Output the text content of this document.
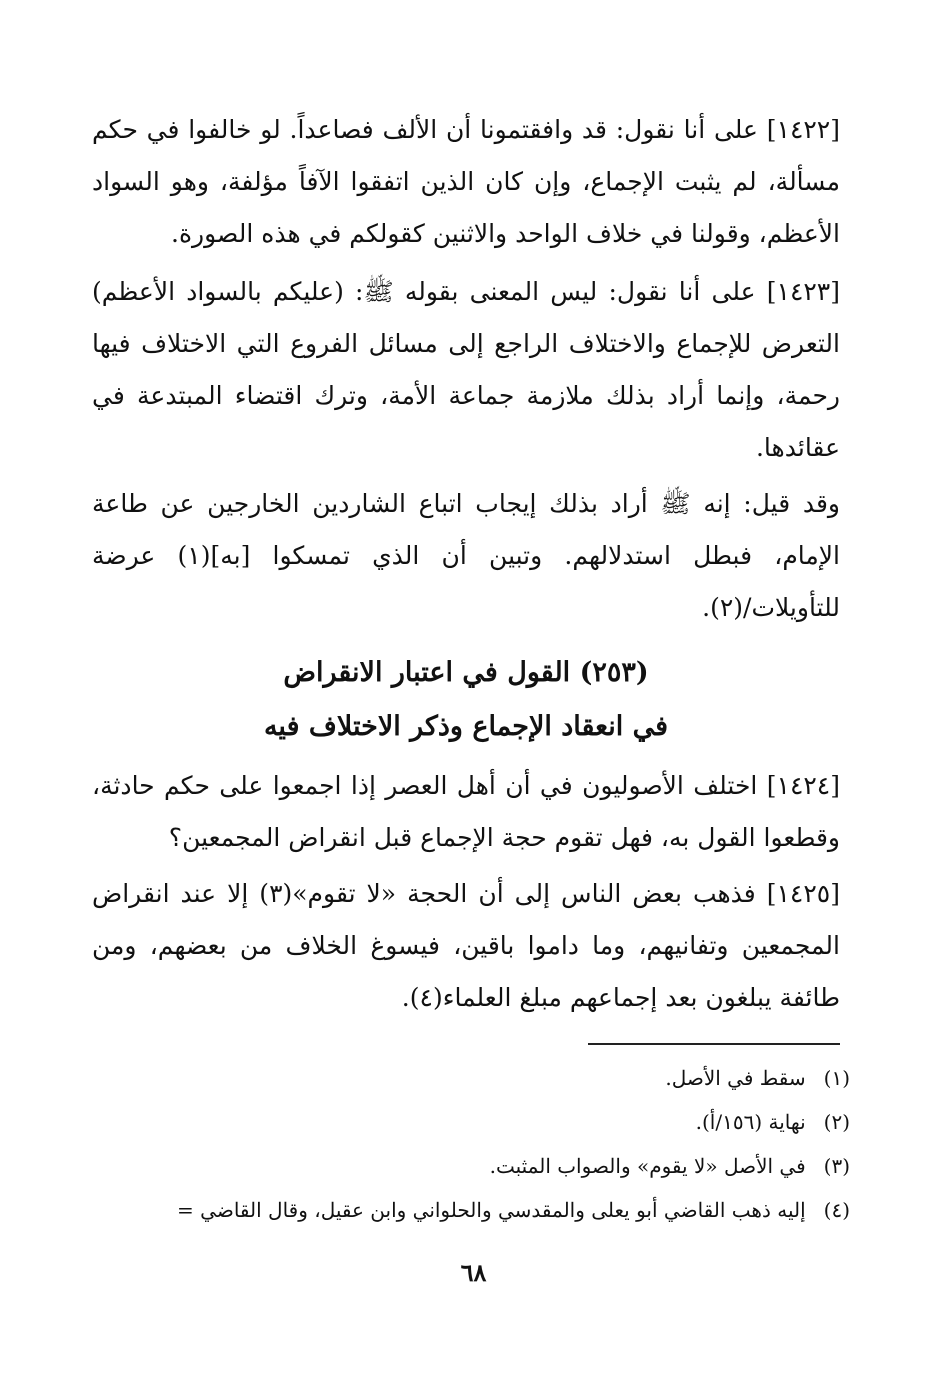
[١٤٢٢] على أنا نقول: قد وافقتمونا أن الألف فصاعداً. لو خالفوا في حكم مسألة، لم يثبت الإجماع، وإن كان الذين اتفقوا الآفاً مؤلفة، وهو السواد الأعظم، وقولنا في خلاف الواحد والاثنين كقولكم في هذه الصورة.

[١٤٢٣] على أنا نقول: ليس المعنى بقوله ﷺ: (عليكم بالسواد الأعظم) التعرض للإجماع والاختلاف الراجع إلى مسائل الفروع التي الاختلاف فيها رحمة، وإنما أراد بذلك ملازمة جماعة الأمة، وترك اقتضاء المبتدعة في عقائدها.

وقد قيل: إنه ﷺ أراد بذلك إيجاب اتباع الشاردين الخارجين عن طاعة الإمام، فبطل استدلالهم. وتبين أن الذي تمسكوا [به](١) عرضة للتأويلات/(٢).

(٢٥٣) القول في اعتبار الانقراض
في انعقاد الإجماع وذكر الاختلاف فيه

[١٤٢٤] اختلف الأصوليون في أن أهل العصر إذا اجمعوا على حكم حادثة، وقطعوا القول به، فهل تقوم حجة الإجماع قبل انقراض المجمعين؟

[١٤٢٥] فذهب بعض الناس إلى أن الحجة «لا تقوم»(٣) إلا عند انقراض المجمعين وتفانيهم، وما داموا باقين، فيسوغ الخلاف من بعضهم، ومن طائفة يبلغون بعد إجماعهم مبلغ العلماء(٤).

(١) سقط في الأصل.
(٢) نهاية (١٥٦/أ).
(٣) في الأصل «لا يقوم» والصواب المثبت.
(٤) إليه ذهب القاضي أبو يعلى والمقدسي والحلواني وابن عقيل، وقال القاضي =
٦٨
